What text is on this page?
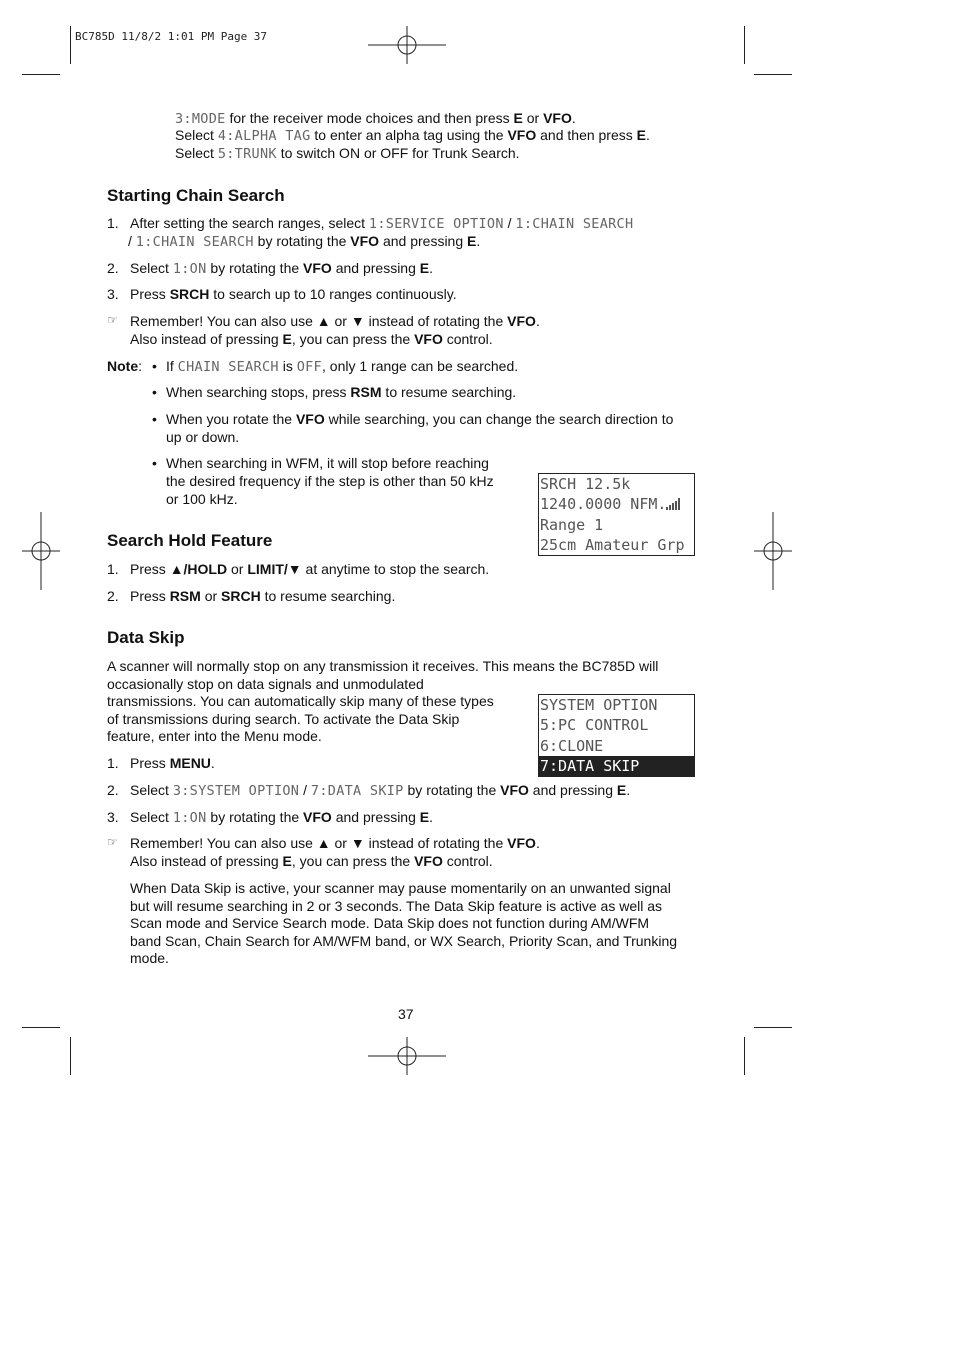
BC785D 11/8/2 1:01 PM Page 37
3:MODE for the receiver mode choices and then press E or VFO.
Select 4:ALPHA TAG to enter an alpha tag using the VFO and then press E.
Select 5:TRUNK to switch ON or OFF for Trunk Search.
Starting Chain Search
1. After setting the search ranges, select 1:SERVICE OPTION / 1:CHAIN SEARCH
/ 1:CHAIN SEARCH by rotating the VFO and pressing E.
2. Select 1:ON by rotating the VFO and pressing E.
3. Press SRCH to search up to 10 ranges continuously.
☞ Remember! You can also use ▲ or ▼ instead of rotating the VFO.
Also instead of pressing E, you can press the VFO control.
Note: • If CHAIN SEARCH is OFF, only 1 range can be searched.
• When searching stops, press RSM to resume searching.
• When you rotate the VFO while searching, you can change the search direction to
up or down.
• When searching in WFM, it will stop before reaching
the desired frequency if the step is other than 50 kHz
or 100 kHz.
SRCH 12.5k
1240.0000 NFM.
Range 1
25cm Amateur Grp
Search Hold Feature
1. Press ▲/HOLD or LIMIT/▼ at anytime to stop the search.
2. Press RSM or SRCH to resume searching.
Data Skip
A scanner will normally stop on any transmission it receives. This means the BC785D will
occasionally stop on data signals and unmodulated
transmissions. You can automatically skip many of these types
of transmissions during search. To activate the Data Skip
feature, enter into the Menu mode.
SYSTEM OPTION
5:PC CONTROL
6:CLONE
7:DATA SKIP
1. Press MENU.
2. Select 3:SYSTEM OPTION / 7:DATA SKIP by rotating the VFO and pressing E.
3. Select 1:ON by rotating the VFO and pressing E.
☞ Remember! You can also use ▲ or ▼ instead of rotating the VFO.
Also instead of pressing E, you can press the VFO control.
When Data Skip is active, your scanner may pause momentarily on an unwanted signal
but will resume searching in 2 or 3 seconds. The Data Skip feature is active as well as
Scan mode and Service Search mode. Data Skip does not function during AM/WFM
band Scan, Chain Search for AM/WFM band, or WX Search, Priority Scan, and Trunking
mode.
37
